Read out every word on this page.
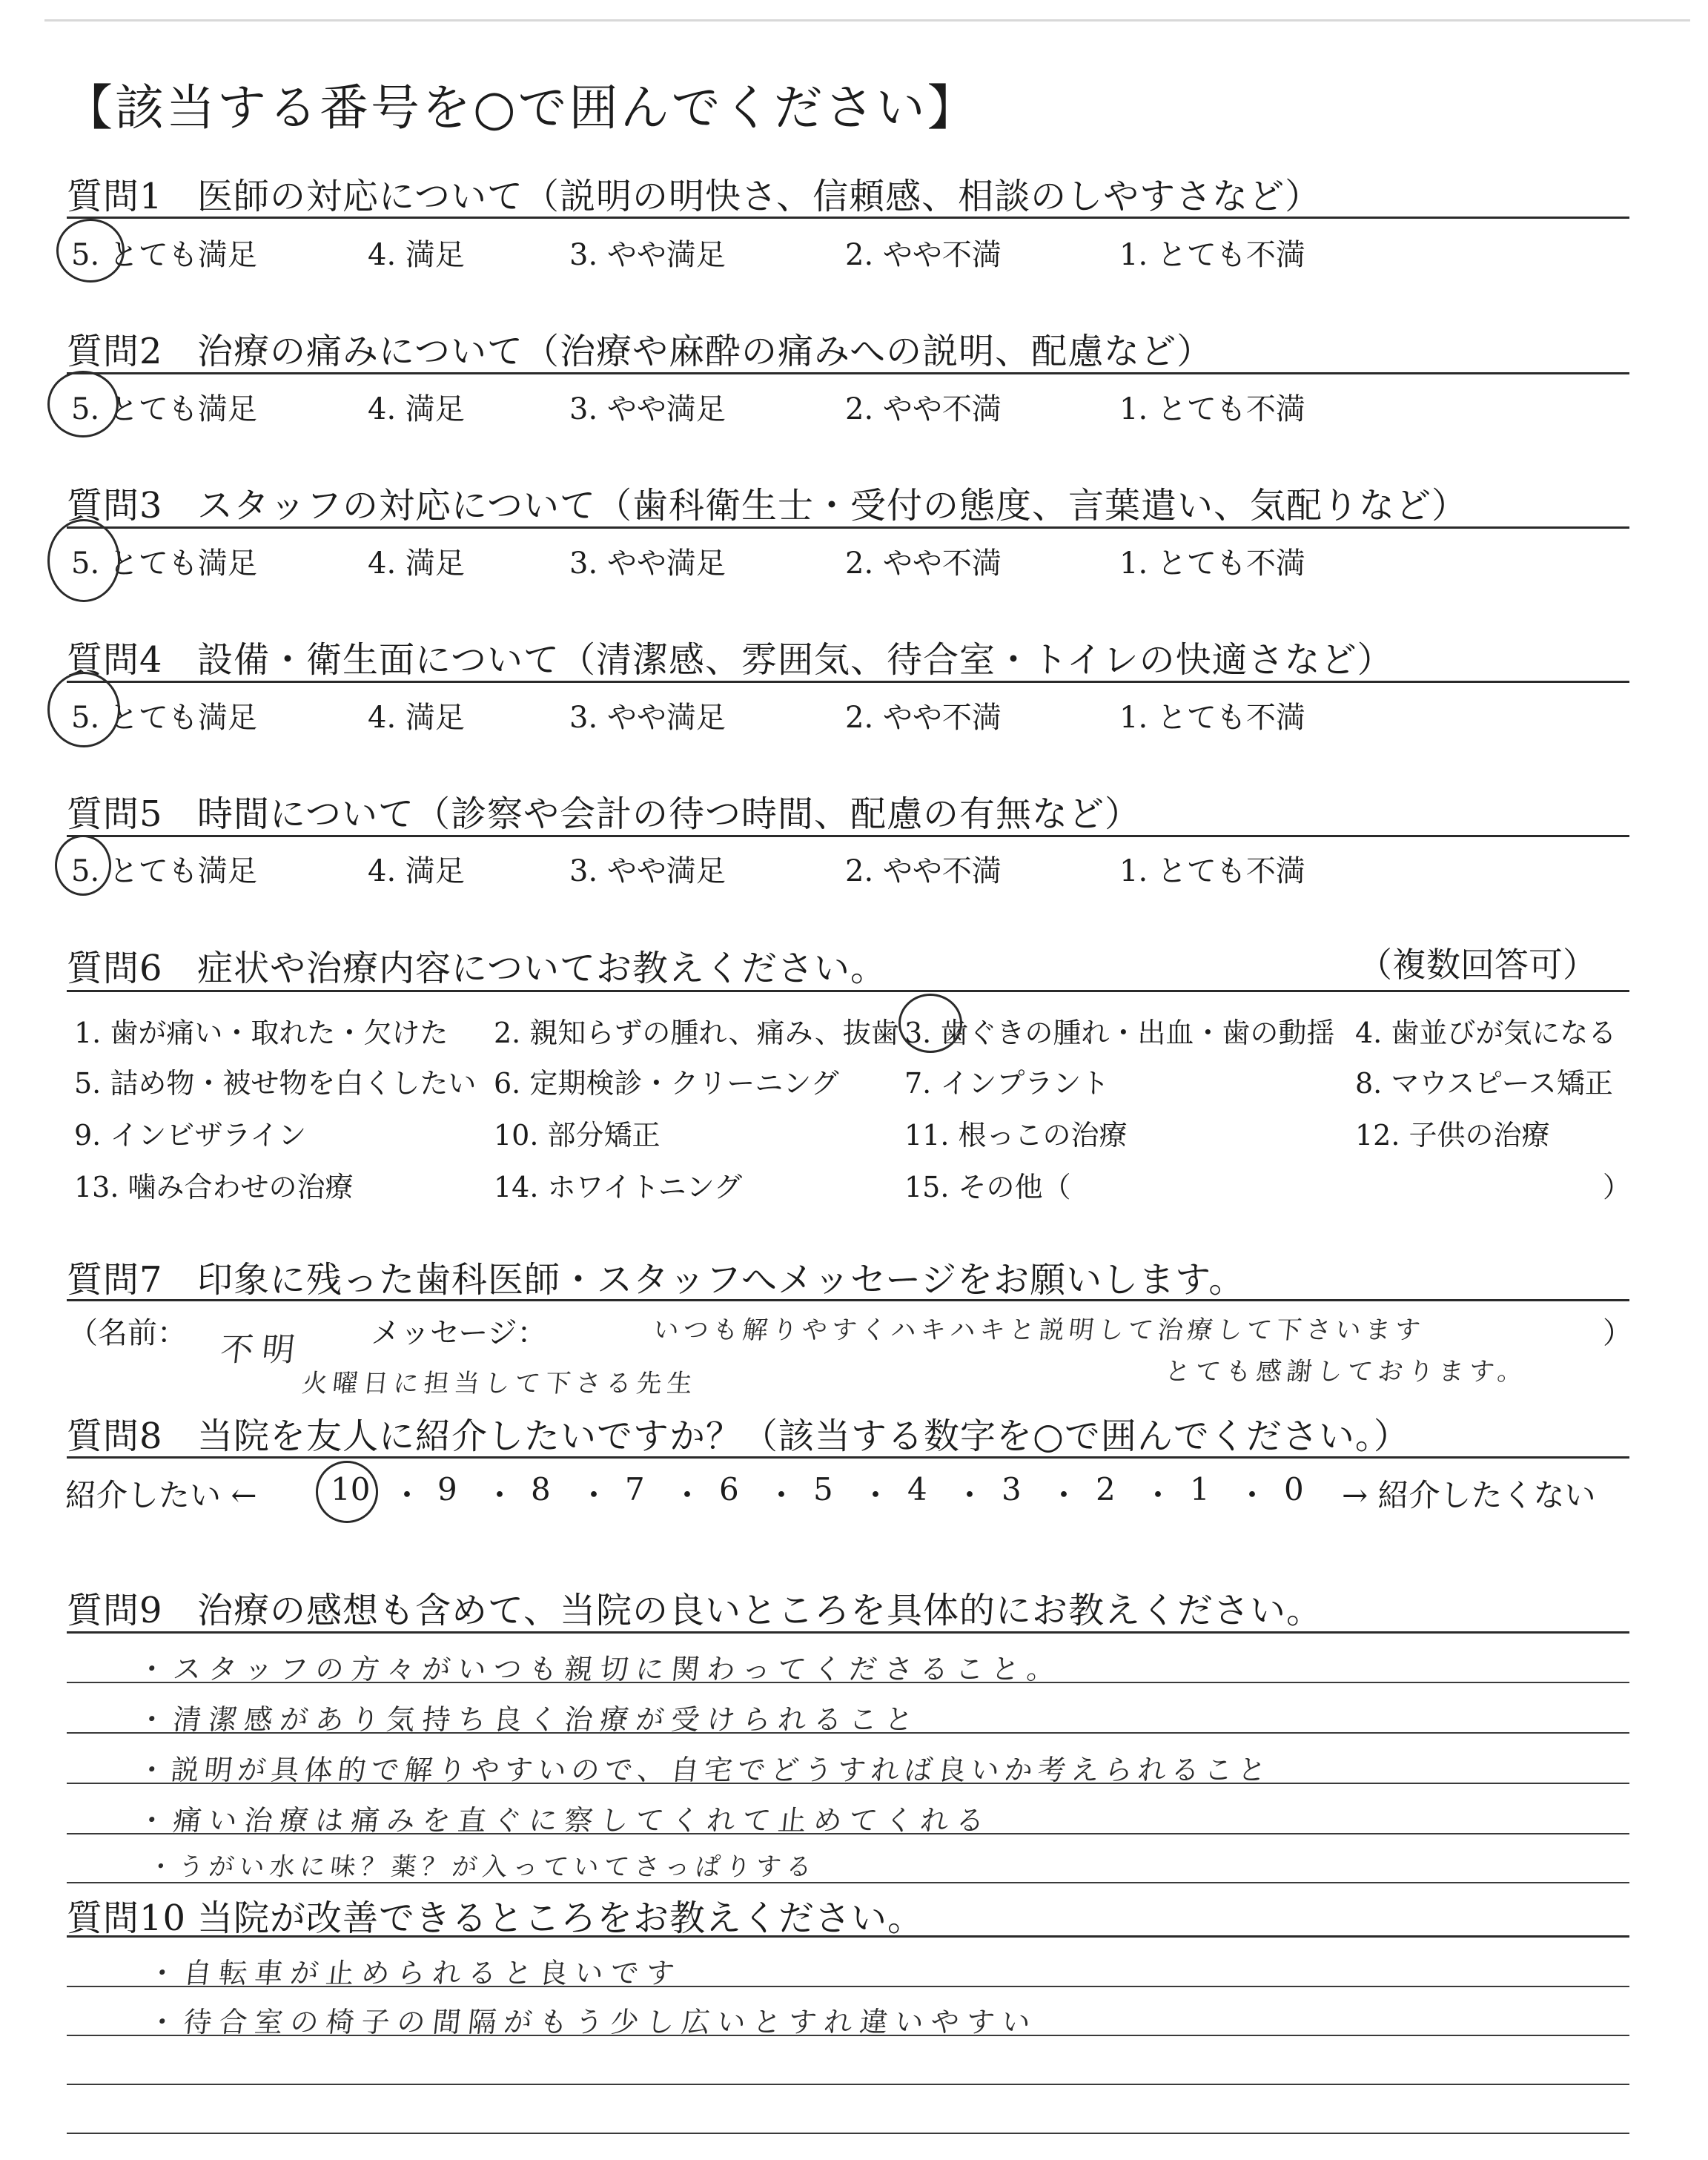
【該当する番号を○で囲んでください】
質問1 医師の対応について（説明の明快さ、信頼感、相談のしやすさなど）
5. とても満足	4. 満足	3. やや満足	2. やや不満	1. とても不満
質問2 治療の痛みについて（治療や麻酔の痛みへの説明、配慮など）
5. とても満足	4. 満足	3. やや満足	2. やや不満	1. とても不満
質問3 スタッフの対応について（歯科衛生士・受付の態度、言葉遣い、気配りなど）
5. とても満足	4. 満足	3. やや満足	2. やや不満	1. とても不満
質問4 設備・衛生面について（清潔感、雰囲気、待合室・トイレの快適さなど）
5. とても満足	4. 満足	3. やや満足	2. やや不満	1. とても不満
質問5 時間について（診察や会計の待つ時間、配慮の有無など）
5. とても満足	4. 満足	3. やや満足	2. やや不満	1. とても不満
質問6 症状や治療内容についてお教えください。	（複数回答可）
1. 歯が痛い・取れた・欠けた 2. 親知らずの腫れ、痛み、抜歯 3. 歯ぐきの腫れ・出血・歯の動揺 4. 歯並びが気になる
5. 詰め物・被せ物を白くしたい 6. 定期検診・クリーニング 7. インプラント	8. マウスピース矯正
9. インビザライン	10. 部分矯正	11. 根っこの治療	12. 子供の治療
13. 噛み合わせの治療	14. ホワイトニング	15. その他（	）
質問7 印象に残った歯科医師・スタッフへメッセージをお願いします。
（名前：	メッセージ：	）
不明
火曜日に担当して下さる先生
いつも解りやすくハキハキと説明して治療して下さいます
とても感謝しております。
質問8 当院を友人に紹介したいですか？（該当する数字を○で囲んでください。）
紹介したい ← 10 ・ 9 ・ 8 ・ 7 ・ 6 ・ 5 ・ 4 ・ 3 ・ 2 ・ 1 ・ 0 → 紹介したくない
質問9 治療の感想も含めて、当院の良いところを具体的にお教えください。
・スタッフの方々がいつも親切に関わってくださること。
・清潔感があり気持ち良く治療が受けられること
・説明が具体的で解りやすいので、自宅でどうすれば良いか考えられること
・痛い治療は痛みを直ぐに察してくれて止めてくれる
・うがい水に味？薬？が入っていてさっぱりする
質問10 当院が改善できるところをお教えください。
・自転車が止められると良いです
・待合室の椅子の間隔がもう少し広いとすれ違いやすい
